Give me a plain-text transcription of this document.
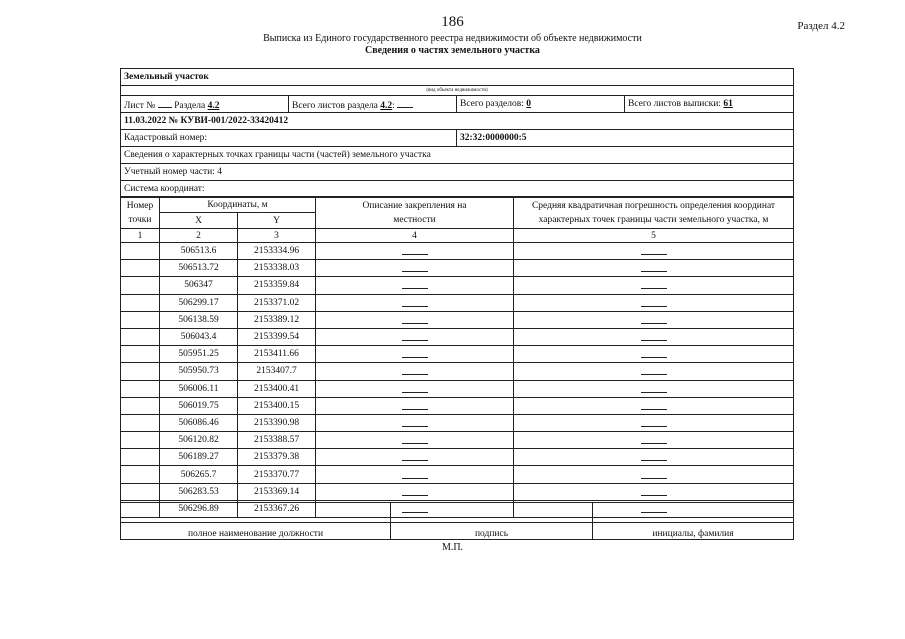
186	Раздел 4.2
Выписка из Единого государственного реестра недвижимости об объекте недвижимости
Сведения о частях земельного участка
Земельный участок			
(вид объекта недвижимости)			
Лист № Раздела 4.2	Всего листов раздела 4.2:	Всего разделов: 0	Всего листов выписки: 61
11.03.2022 № КУВИ-001/2022-33420412			
Кадастровый номер:		32:32:0000000:5	
Сведения о характерных точках границы части (частей) земельного участка			
Учетный номер части: 4			
Система координат:			
Номер точки	Координаты, м		Описание закрепления на местности	Средняя квадратичная погрешность определения координат характерных точек границы части земельного участка, м
	X	Y		
1	2	3	4	5
	506513.6	2153334.96		
	506513.72	2153338.03		
	506347	2153359.84		
	506299.17	2153371.02		
	506138.59	2153389.12		
	506043.4	2153399.54		
	505951.25	2153411.66		
	505950.73	2153407.7		
	506006.11	2153400.41		
	506019.75	2153400.15		
	506086.46	2153390.98		
	506120.82	2153388.57		
	506189.27	2153379.38		
	506265.7	2153370.77		
	506283.53	2153369.14		
	506296.89	2153367.26		

полное наименование должности	подпись	инициалы, фамилия
М.П.
